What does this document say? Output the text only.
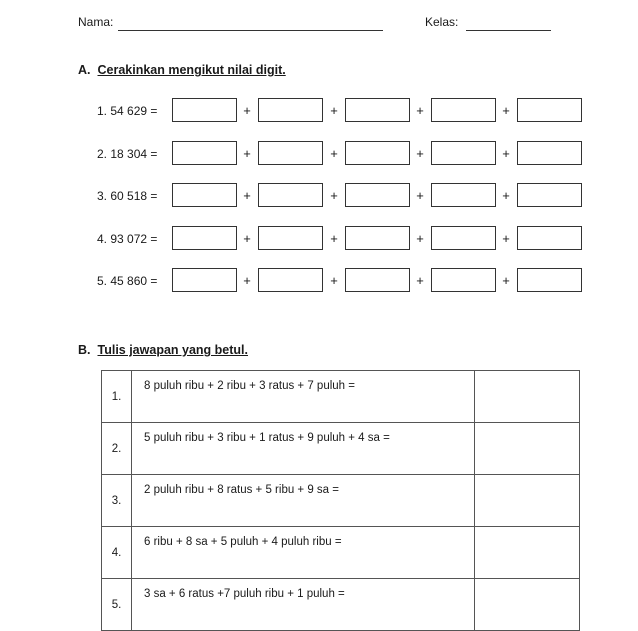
Nama:	Kelas:
A. Cerakinkan mengikut nilai digit.
1. 54 629 =	+	+	+	+
2. 18 304 =	+	+	+	+
3. 60 518 =	+	+	+	+
4. 93 072 =	+	+	+	+
5. 45 860 =	+	+	+	+
B. Tulis jawapan yang betul.
1.	8 puluh ribu + 2 ribu + 3 ratus + 7 puluh =	
2.	5 puluh ribu + 3 ribu + 1 ratus + 9 puluh + 4 sa =	
3.	2 puluh ribu + 8 ratus + 5 ribu + 9 sa =	
4.	6 ribu + 8 sa + 5 puluh + 4 puluh ribu =	
5.	3 sa + 6 ratus +7 puluh ribu + 1 puluh =	
